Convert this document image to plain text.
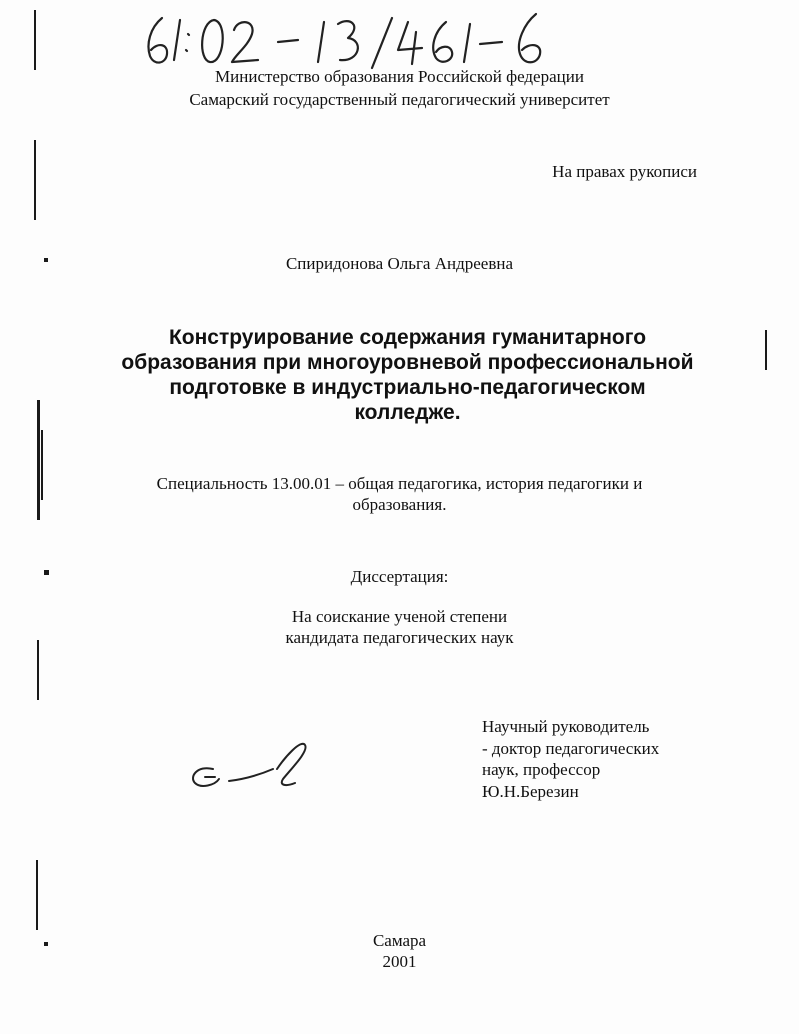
Министерство образования Российской федерации
Самарский государственный педагогический университет
На правах рукописи
Спиридонова Ольга Андреевна
Конструирование содержания гуманитарного
образования при многоуровневой профессиональной
подготовке в индустриально-педагогическом
колледже.
Специальность 13.00.01 – общая педагогика, история педагогики и
образования.
Диссертация:
На соискание ученой степени
кандидата педагогических наук
Научный руководитель
- доктор педагогических
наук, профессор
Ю.Н.Березин
Самара
2001
